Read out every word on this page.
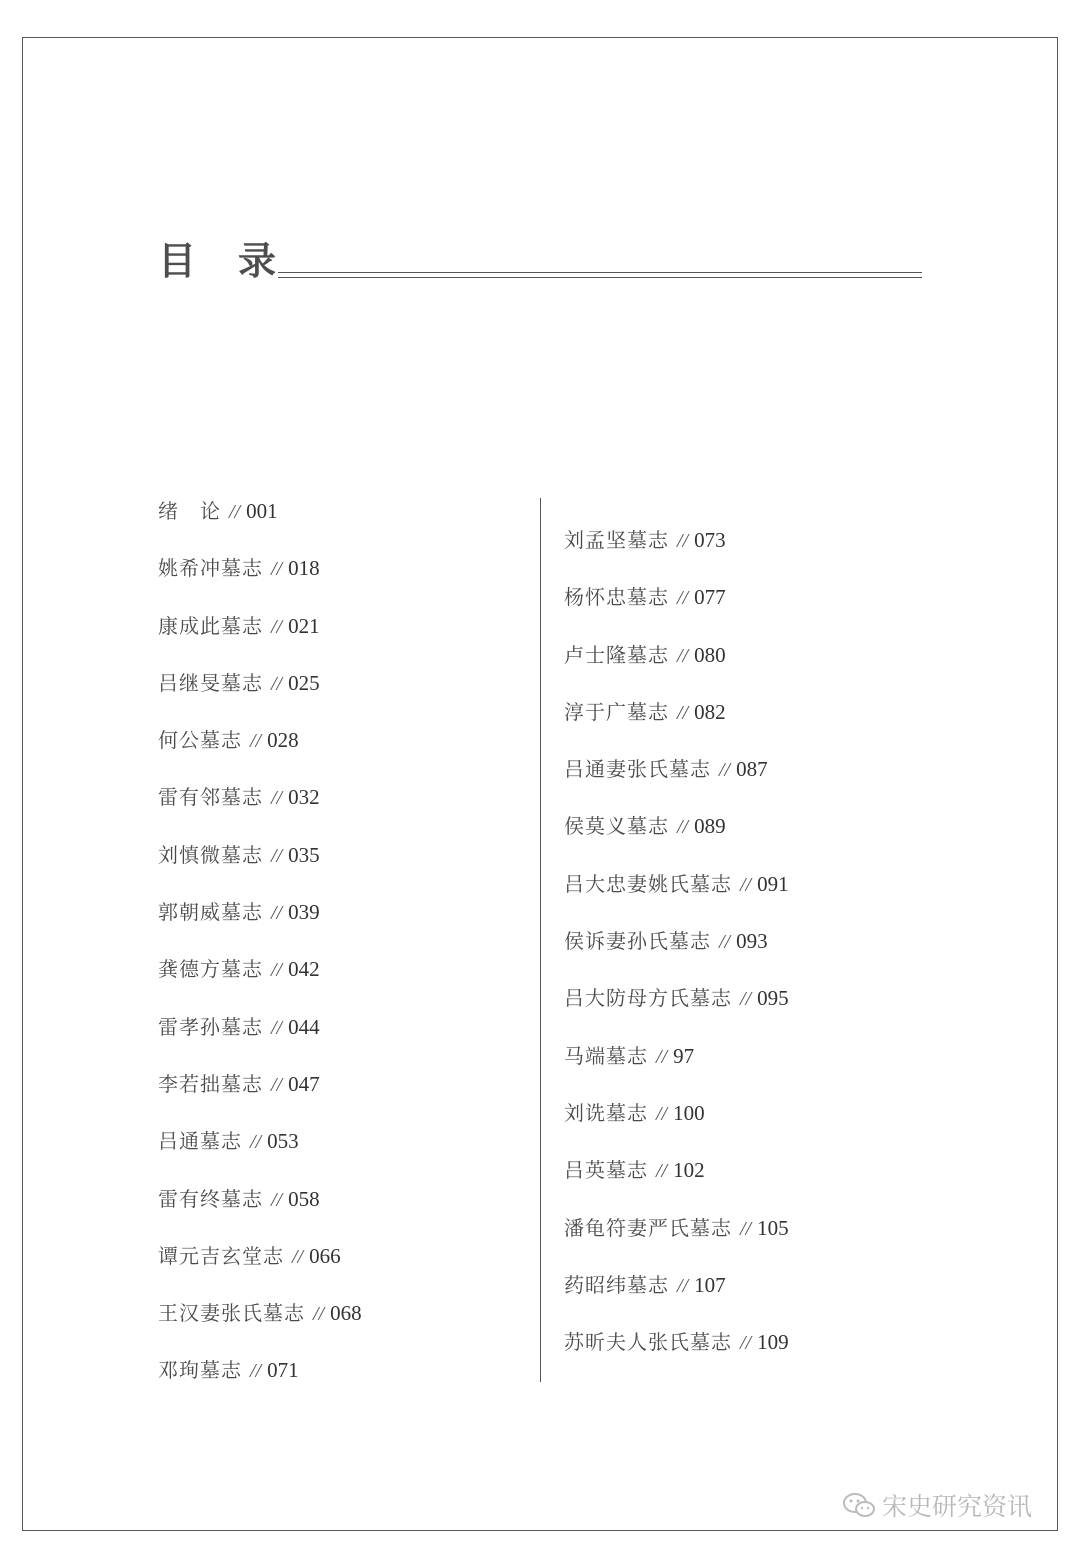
目 录
绪　论 // 001
姚希冲墓志 // 018
康成此墓志 // 021
吕继旻墓志 // 025
何公墓志 // 028
雷有邻墓志 // 032
刘慎微墓志 // 035
郭朝威墓志 // 039
龚德方墓志 // 042
雷孝孙墓志 // 044
李若拙墓志 // 047
吕通墓志 // 053
雷有终墓志 // 058
谭元吉玄堂志 // 066
王汉妻张氏墓志 // 068
邓珣墓志 // 071
刘孟坚墓志 // 073
杨怀忠墓志 // 077
卢士隆墓志 // 080
淳于广墓志 // 082
吕通妻张氏墓志 // 087
侯莫义墓志 // 089
吕大忠妻姚氏墓志 // 091
侯诉妻孙氏墓志 // 093
吕大防母方氏墓志 // 095
马端墓志 // 97
刘诜墓志 // 100
吕英墓志 // 102
潘龟符妻严氏墓志 // 105
药昭纬墓志 // 107
苏昕夫人张氏墓志 // 109
宋史研究资讯
